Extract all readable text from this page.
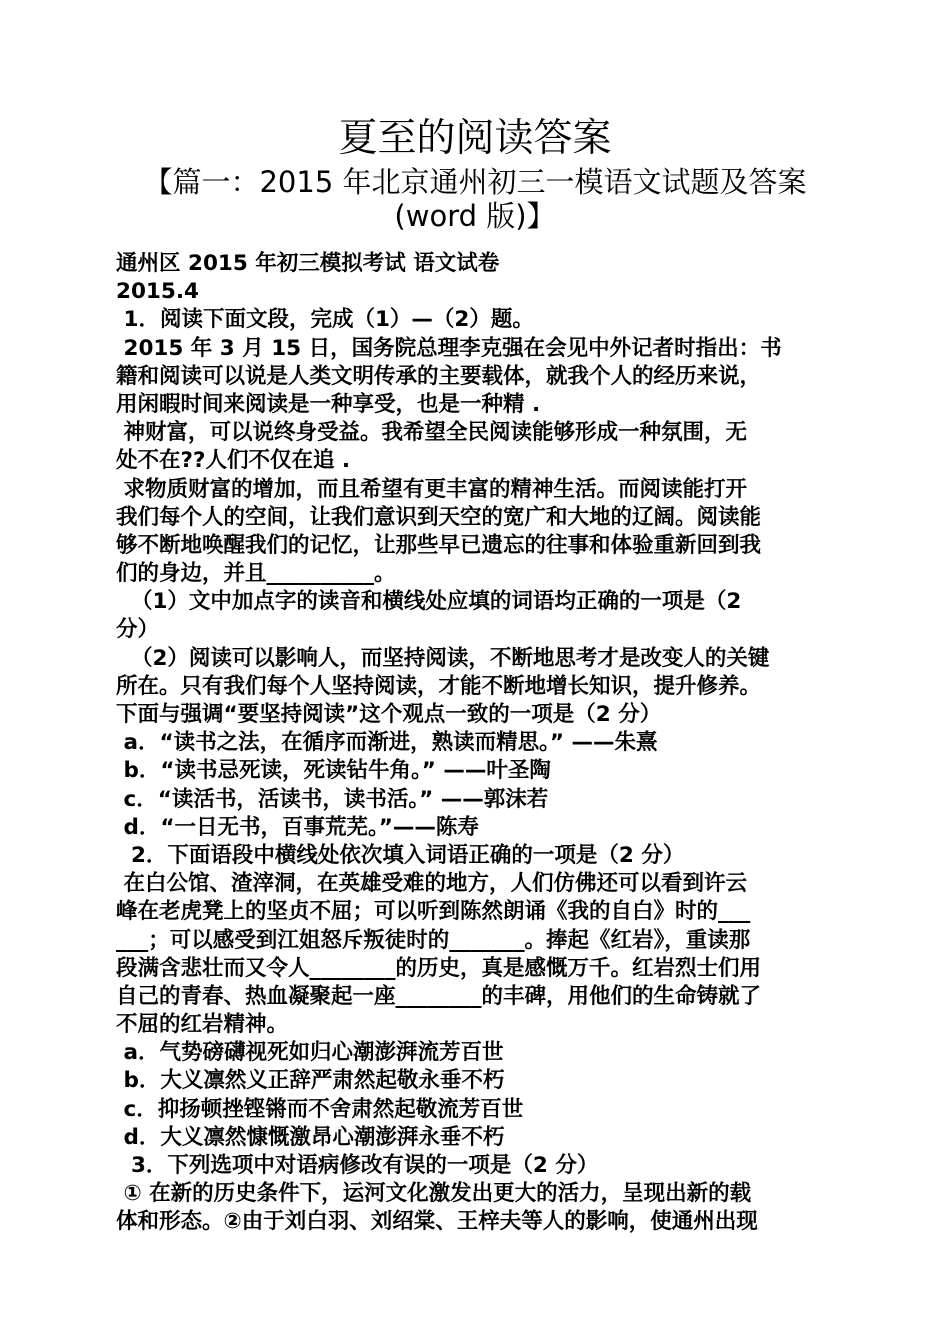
夏至的阅读答案
【篇一：2015 年北京通州初三一模语文试题及答案
(word 版)】
通州区 2015 年初三模拟考试 语文试卷
2015.4
1．阅读下面文段，完成（1）—（2）题。
2015 年 3 月 15 日，国务院总理李克强在会见中外记者时指出：书
籍和阅读可以说是人类文明传承的主要载体，就我个人的经历来说，
用闲暇时间来阅读是一种享受，也是一种精 .
神财富，可以说终身受益。我希望全民阅读能够形成一种氛围，无
处不在??人们不仅在追 .
求物质财富的增加，而且希望有更丰富的精神生活。而阅读能打开
我们每个人的空间，让我们意识到天空的宽广和大地的辽阔。阅读能
够不断地唤醒我们的记忆，让那些早已遗忘的往事和体验重新回到我
们的身边，并且__________。
（1）文中加点字的读音和横线处应填的词语均正确的一项是（2
分）
（2）阅读可以影响人，而坚持阅读，不断地思考才是改变人的关键
所在。只有我们每个人坚持阅读，才能不断地增长知识，提升修养。
下面与强调“要坚持阅读”这个观点一致的一项是（2 分）
a．“读书之法，在循序而渐进，熟读而精思。” ——朱熹
b．“读书忌死读，死读钻牛角。” ——叶圣陶
c．“读活书，活读书，读书活。” ——郭沫若
d．“一日无书，百事荒芜。”——陈寿
2．下面语段中横线处依次填入词语正确的一项是（2 分）
在白公馆、渣滓洞，在英雄受难的地方，人们仿佛还可以看到许云
峰在老虎凳上的坚贞不屈；可以听到陈然朗诵《我的自白》时的___
___；可以感受到江姐怒斥叛徒时的_______。捧起《红岩》，重读那
段满含悲壮而又令人________的历史，真是感慨万千。红岩烈士们用
自己的青春、热血凝聚起一座________的丰碑，用他们的生命铸就了
不屈的红岩精神。
a．气势磅礴视死如归心潮澎湃流芳百世
b．大义凛然义正辞严肃然起敬永垂不朽
c．抑扬顿挫铿锵而不舍肃然起敬流芳百世
d．大义凛然慷慨激昂心潮澎湃永垂不朽
3．下列选项中对语病修改有误的一项是（2 分）
① 在新的历史条件下，运河文化激发出更大的活力，呈现出新的载
体和形态。②由于刘白羽、刘绍棠、王梓夫等人的影响，使通州出现
